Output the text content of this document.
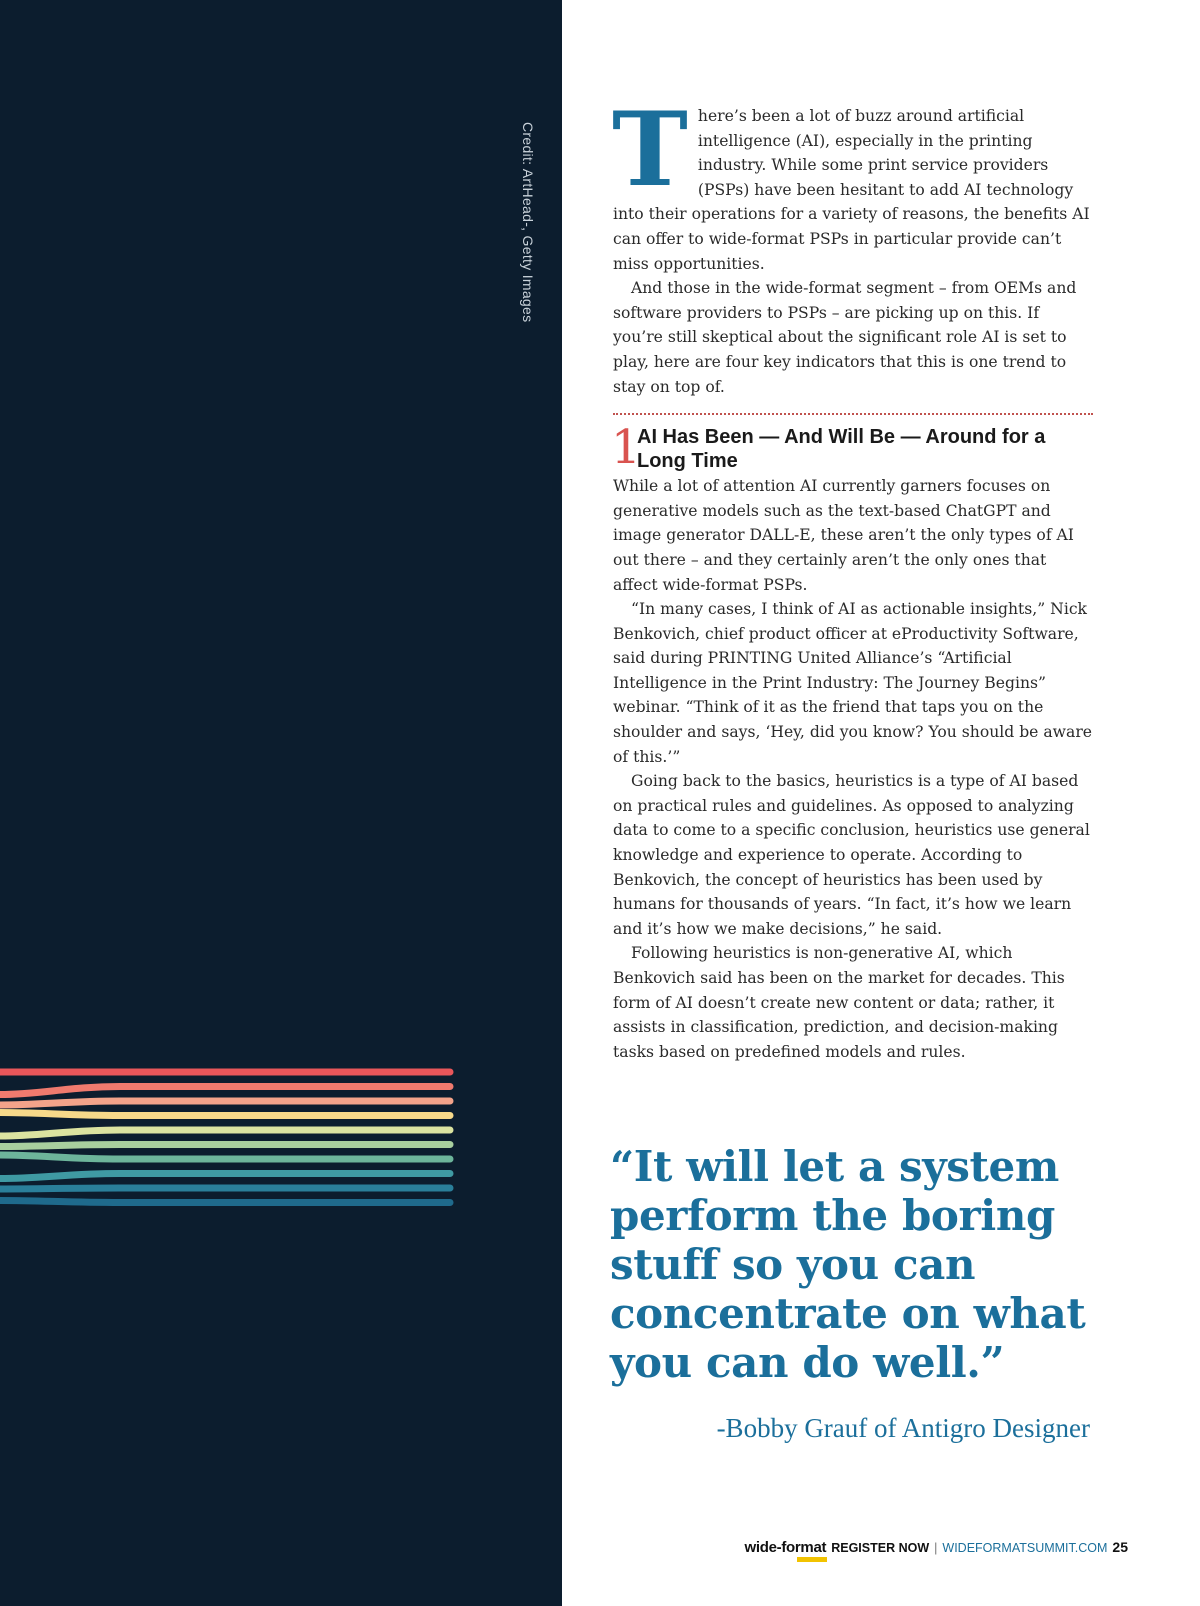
Credit: ArtHead-, Getty Images T here’s been a lot of buzz around artificial intelligence (AI), especially in the printing industry. While some print service providers (PSPs) have been hesitant to add AI technology into their operations for a variety of reasons, the benefits AI can offer to wide-format PSPs in particular provide can’t miss opportunities.

And those in the wide-format segment – from OEMs and software providers to PSPs – are picking up on this. If you’re still skeptical about the significant role AI is set to play, here are four key indicators that this is one trend to stay on top of.

1
AI Has Been — And Will Be — Around for a Long Time

While a lot of attention AI currently garners focuses on generative models such as the text-based ChatGPT and image generator DALL-E, these aren’t the only types of AI out there – and they certainly aren’t the only ones that affect wide-format PSPs.

“In many cases, I think of AI as actionable insights,” Nick Benkovich, chief product officer at eProductivity Software, said during PRINTING United Alliance’s “Artificial Intelligence in the Print Industry: The Journey Begins” webinar. “Think of it as the friend that taps you on the shoulder and says, ‘Hey, did you know? You should be aware of this.’”

Going back to the basics, heuristics is a type of AI based on practical rules and guidelines. As opposed to analyzing data to come to a specific conclusion, heuristics use general knowledge and experience to operate. According to Benkovich, the concept of heuristics has been used by humans for thousands of years. “In fact, it’s how we learn and it’s how we make decisions,” he said.

Following heuristics is non-generative AI, which Benkovich said has been on the market for decades. This form of AI doesn’t create new content or data; rather, it assists in classification, prediction, and decision-making tasks based on predefined models and rules.

“It will let a system perform the boring stuff so you can concentrate on what you can do well.”
-Bobby Grauf of Antigro Designer
wide-format REGISTER NOW | WIDEFORMATSUMMIT.COM 25
